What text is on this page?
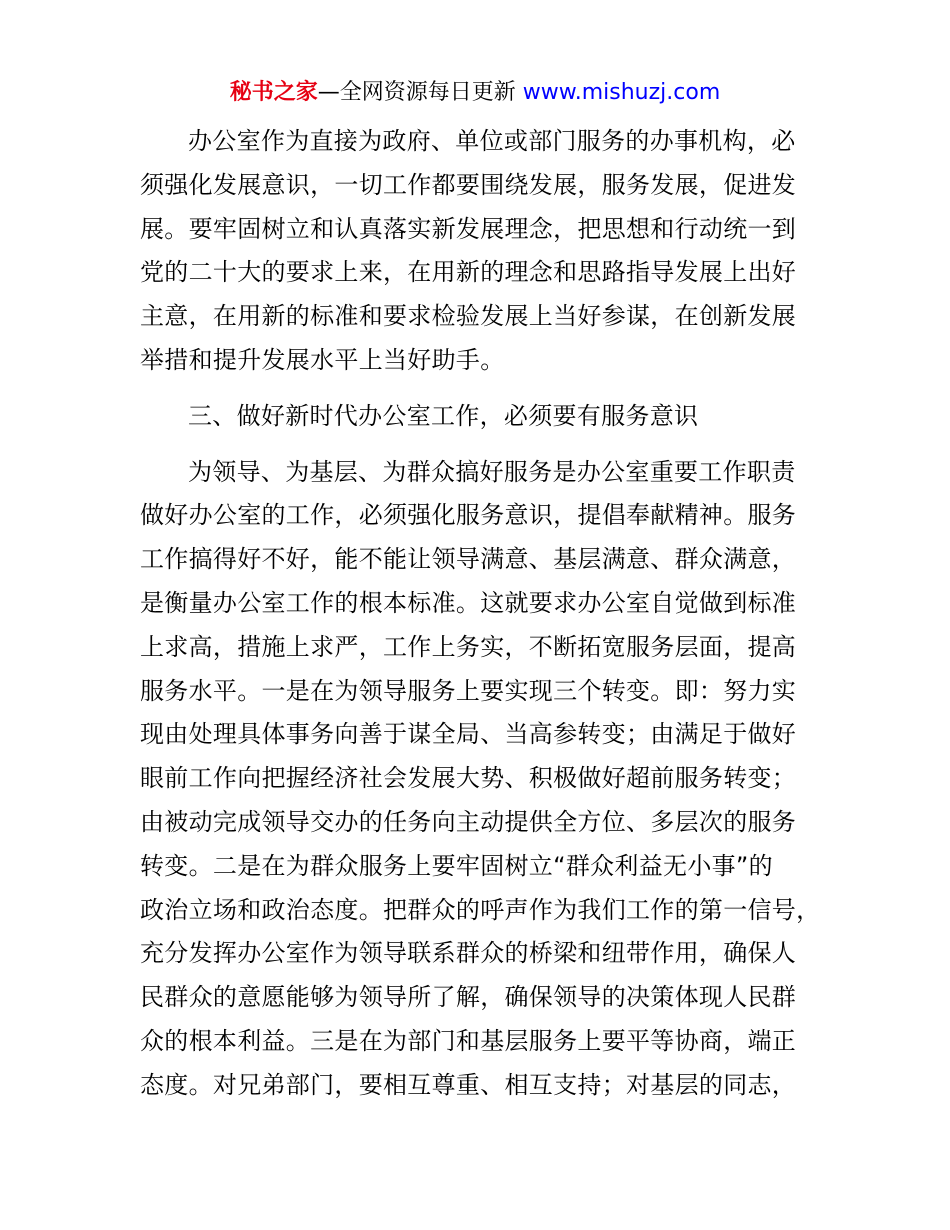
秘书之家—全网资源每日更新 www.mishuzj.com
办公室作为直接为政府、单位或部门服务的办事机构，必
须强化发展意识，一切工作都要围绕发展，服务发展，促进发
展。要牢固树立和认真落实新发展理念，把思想和行动统一到
党的二十大的要求上来，在用新的理念和思路指导发展上出好
主意，在用新的标准和要求检验发展上当好参谋，在创新发展
举措和提升发展水平上当好助手。
三、做好新时代办公室工作，必须要有服务意识
为领导、为基层、为群众搞好服务是办公室重要工作职责
做好办公室的工作，必须强化服务意识，提倡奉献精神。服务
工作搞得好不好，能不能让领导满意、基层满意、群众满意，
是衡量办公室工作的根本标准。这就要求办公室自觉做到标准
上求高，措施上求严，工作上务实，不断拓宽服务层面，提高
服务水平。一是在为领导服务上要实现三个转变。即：努力实
现由处理具体事务向善于谋全局、当高参转变；由满足于做好
眼前工作向把握经济社会发展大势、积极做好超前服务转变；
由被动完成领导交办的任务向主动提供全方位、多层次的服务
转变。二是在为群众服务上要牢固树立“群众利益无小事”的
政治立场和政治态度。把群众的呼声作为我们工作的第一信号，
充分发挥办公室作为领导联系群众的桥梁和纽带作用，确保人
民群众的意愿能够为领导所了解，确保领导的决策体现人民群
众的根本利益。三是在为部门和基层服务上要平等协商，端正
态度。对兄弟部门，要相互尊重、相互支持；对基层的同志，
